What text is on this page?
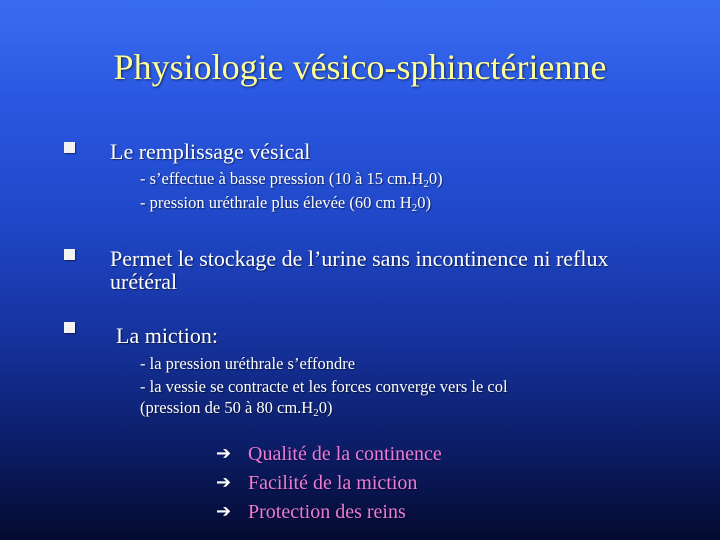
Physiologie vésico-sphinctérienne
Le remplissage vésical
- s’effectue à basse pression (10 à 15 $cm.H_20$)
- pression uréthrale plus élevée (60 cm $H_20$)
Permet le stockage de l’urine sans incontinence ni reflux
urétéral
La miction:
- la pression uréthrale s’effondre
- la vessie se contracte et les forces converge vers le col
(pression de 50 à 80 $cm.H_20$)
➔ Qualité de la continence
➔ Facilité de la miction
➔ Protection des reins
